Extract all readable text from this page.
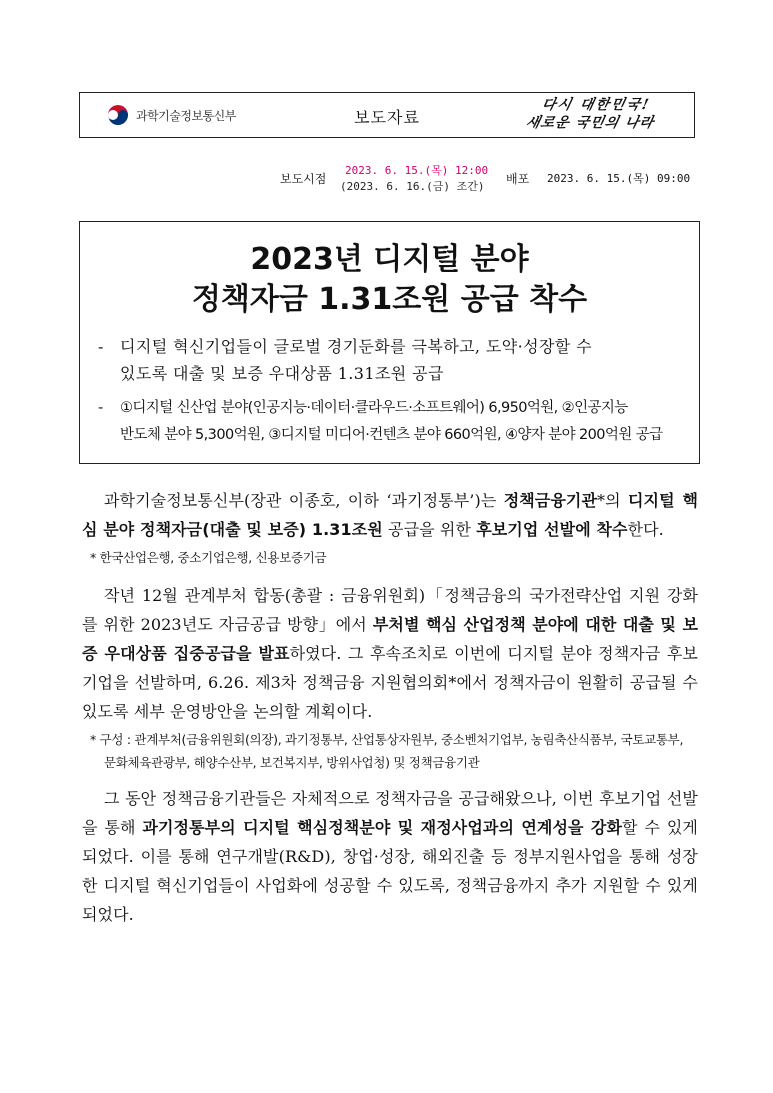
과학기술정보통신부	보도자료
다시 대한민국!
새로운 국민의 나라
보도시점
2023. 6. 15.(목) 12:00
(2023. 6. 16.(금) 조간)
배포 2023. 6. 15.(목) 09:00
2023년 디지털 분야
정책자금 1.31조원 공급 착수
- 디지털 혁신기업들이 글로벌 경기둔화를 극복하고, 도약·성장할 수
있도록 대출 및 보증 우대상품 1.31조원 공급
- ①디지털 신산업 분야(인공지능·데이터·클라우드·소프트웨어) 6,950억원, ②인공지능
반도체 분야 5,300억원, ③디지털 미디어·컨텐츠 분야 660억원, ④양자 분야 200억원 공급

과학기술정보통신부(장관 이종호, 이하 ‘과기정통부’)는 정책금융기관*의 디지털 핵심 분야 정책자금(대출 및 보증) 1.31조원 공급을 위한 후보기업 선발에 착수한다.

* 한국산업은행, 중소기업은행, 신용보증기금

작년 12월 관계부처 합동(총괄 : 금융위원회)「정책금융의 국가전략산업 지원 강화를 위한 2023년도 자금공급 방향」에서 부처별 핵심 산업정책 분야에 대한 대출 및 보증 우대상품 집중공급을 발표하였다. 그 후속조치로 이번에 디지털 분야 정책자금 후보기업을 선발하며, 6.26. 제3차 정책금융 지원협의회*에서 정책자금이 원활히 공급될 수 있도록 세부 운영방안을 논의할 계획이다.

* 구성 : 관계부처(금융위원회(의장), 과기정통부, 산업통상자원부, 중소벤처기업부, 농림축산식품부, 국토교통부, 문화체육관광부, 해양수산부, 보건복지부, 방위사업청) 및 정책금융기관

그 동안 정책금융기관들은 자체적으로 정책자금을 공급해왔으나, 이번 후보기업 선발을 통해 과기정통부의 디지털 핵심정책분야 및 재정사업과의 연계성을 강화할 수 있게 되었다. 이를 통해 연구개발(R&D), 창업·성장, 해외진출 등 정부지원사업을 통해 성장한 디지털 혁신기업들이 사업화에 성공할 수 있도록, 정책금융까지 추가 지원할 수 있게 되었다.
